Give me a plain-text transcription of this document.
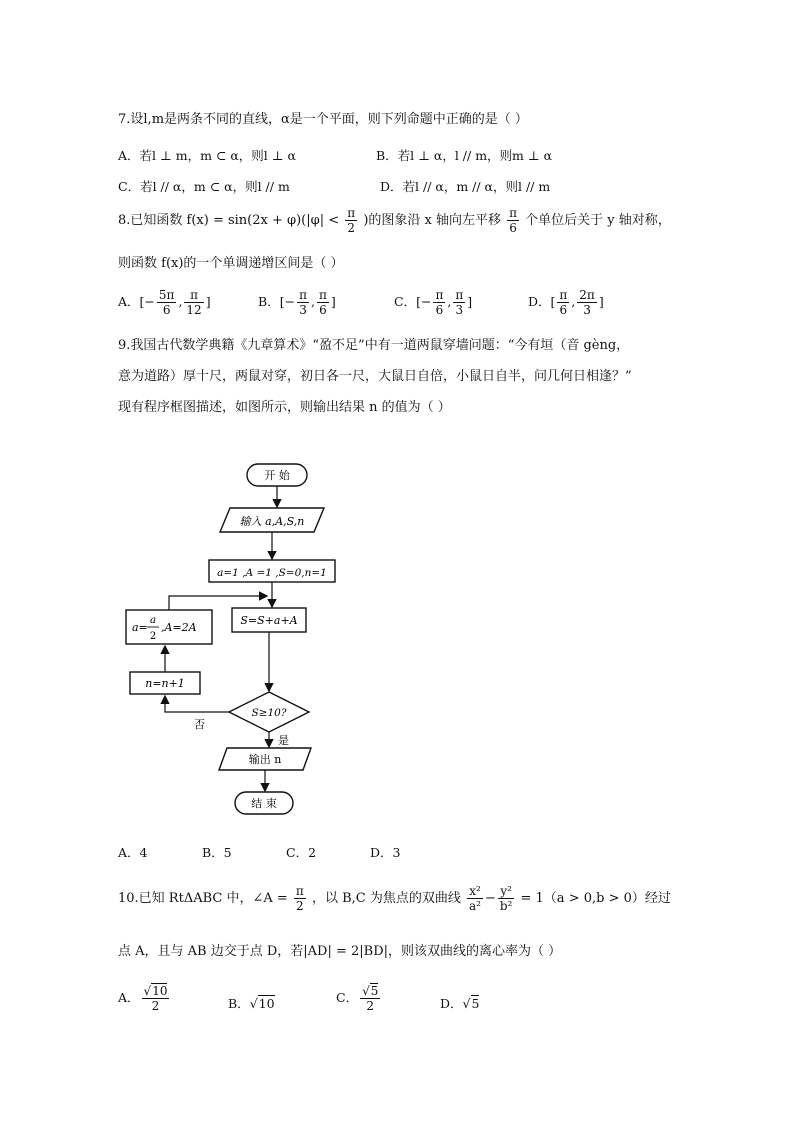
7.设l,m是两条不同的直线，α是一个平面，则下列命题中正确的是（ ）
A．若l ⊥ m，m ⊂ α，则l ⊥ α	B．若l ⊥ α，l // m，则m ⊥ α
C．若l // α，m ⊂ α，则l // m	D．若l // α，m // α，则l // m
8.已知函数 $f(x) = \sin(2x + \varphi)(|\varphi| < \frac{\pi}{2}$ )的图象沿 x 轴向左平移 $\frac{\pi}{6}$ 个单位后关于 y 轴对称，
则函数 f(x)的一个单调递增区间是（ ）
A．[− $\frac{5\pi}{6}$ , $\frac{\pi}{12}$ ]	B．[− $\frac{\pi}{3}$ , $\frac{\pi}{6}$ ]	C．[− $\frac{\pi}{6}$ , $\frac{\pi}{3}$ ]	D．[ $\frac{\pi}{6}$ , $\frac{2\pi}{3}$ ]
9.我国古代数学典籍《九章算术》“盈不足”中有一道两鼠穿墙问题：“今有垣（音 gèng，
意为道路）厚十尺，两鼠对穿，初日各一尺，大鼠日自倍，小鼠日自半，问几何日相逢？”
现有程序框图描述，如图所示，则输出结果 n 的值为（ ）
开 始
输入 a,A,S,n
a=1 ,A =1 ,S=0,n=1
S=S+a+A
a=
a
2
,A=2A
n=n+1
S≥10?
否
是
输出 n
结 束
A．4	B．5	C．2	D．3
10.已知 RtΔABC 中，∠A = $\frac{\pi}{2}$ ，以 B,C 为焦点的双曲线 $\frac{\text{x²}}{\text{a²}} - \frac{\text{y²}}{\text{b²}} = 1(a > 0,b > 0)$经过
点 A，且与 AB 边交于点 D，若|AD| = 2|BD|，则该双曲线的离心率为（ ）
A． $\frac{√10}{2}$	B．√10	C． $\frac{√5}{2}$	D．√5
